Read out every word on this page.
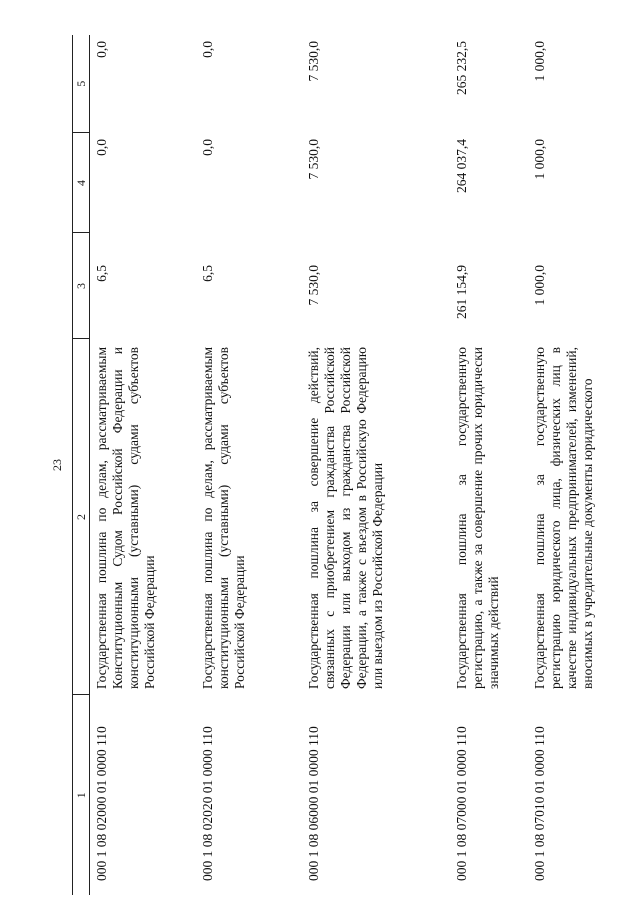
23
1	2	3	4	5
000 1 08 02000 01 0000 110	Государственная пошлина по делам, рассматриваемым Конституционным Судом Российской Федерации и конституционными (уставными) судами субъектов Российской Федерации	6,5	0,0	0,0
000 1 08 02020 01 0000 110	Государственная пошлина по делам, рассматриваемым конституционными (уставными) судами субъектов Российской Федерации	6,5	0,0	0,0
000 1 08 06000 01 0000 110	Государственная пошлина за совершение действий, связанных с приобретением гражданства Российской Федерации или выходом из гражданства Российской Федерации, а также с въездом в Российскую Федерацию или выездом из Российской Федерации	7 530,0	7 530,0	7 530,0
000 1 08 07000 01 0000 110	Государственная пошлина за государственную регистрацию, а также за совершение прочих юридически значимых действий	261 154,9	264 037,4	265 232,5
000 1 08 07010 01 0000 110	Государственная пошлина за государственную регистрацию юридического лица, физических лиц в качестве индивидуальных предпринимателей, изменений, вносимых в учредительные документы юридического	1 000,0	1 000,0	1 000,0
